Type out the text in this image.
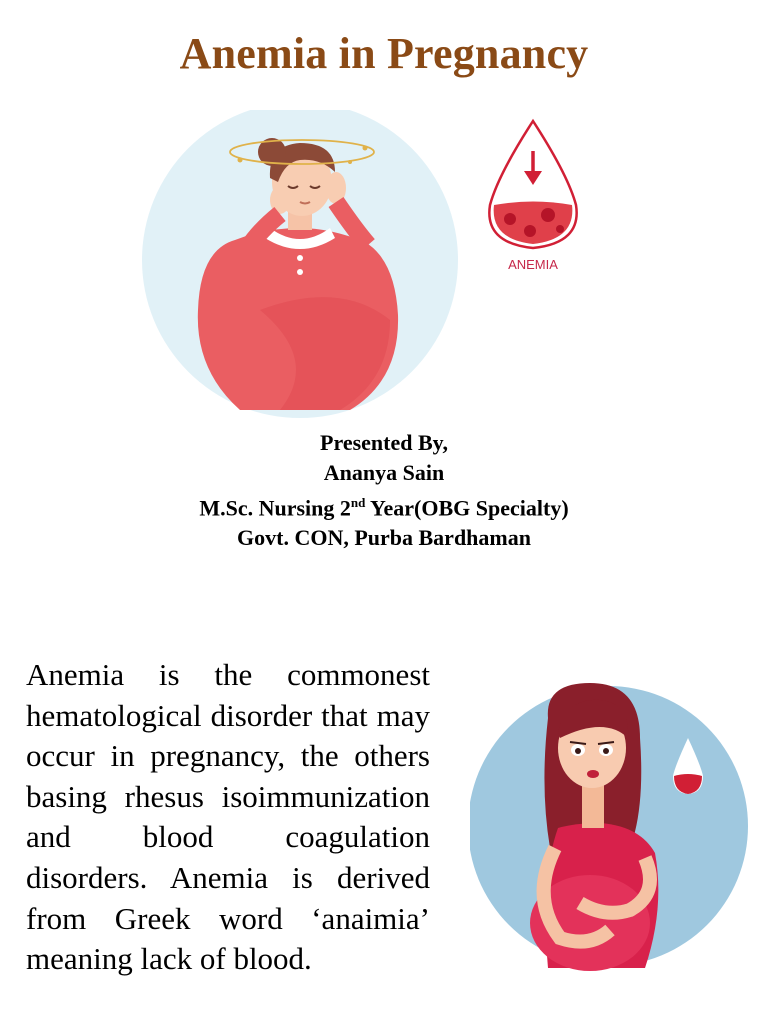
Anemia in Pregnancy
ANEMIA
Presented By,
Ananya Sain
M.Sc. Nursing 2nd Year(OBG Specialty)
Govt. CON, Purba Bardhaman

Anemia is the commonest hematological disorder that may occur in pregnancy, the others basing rhesus isoimmunization and blood coagulation disorders. Anemia is derived from Greek word ‘anaimia’ meaning lack of blood.
